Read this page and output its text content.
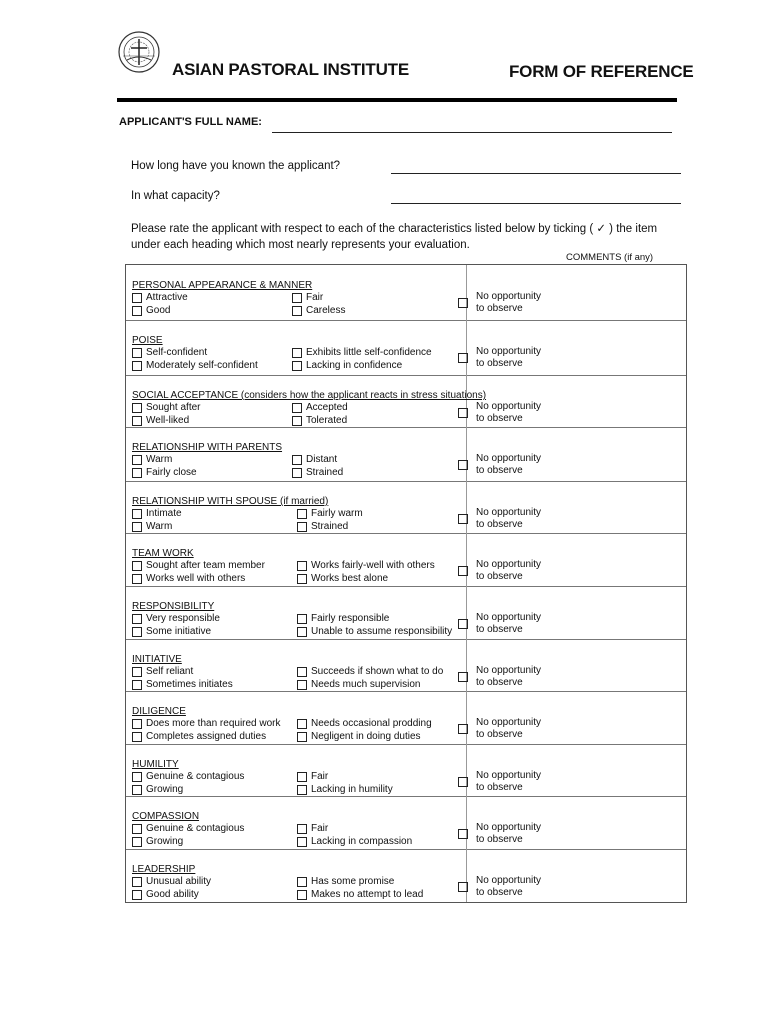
ASIAN PASTORAL INSTITUTE	FORM OF REFERENCE
APPLICANT'S FULL NAME:
How long have you known the applicant?
In what capacity?
Please rate the applicant with respect to each of the characteristics listed below by ticking ( ✓ ) the item under each heading which most nearly represents your evaluation.
COMMENTS (if any)
PERSONAL APPEARANCE & MANNER
Attractive
Good
Fair
Careless
No opportunity
to observe
POISE
Self-confident
Moderately self-confident
Exhibits little self-confidence
Lacking in confidence
No opportunity
to observe
SOCIAL ACCEPTANCE (considers how the applicant reacts in stress situations)
Sought after
Well-liked
Accepted
Tolerated
No opportunity
to observe
RELATIONSHIP WITH PARENTS
Warm
Fairly close
Distant
Strained
No opportunity
to observe
RELATIONSHIP WITH SPOUSE (if married)
Intimate
Warm
Fairly warm
Strained
No opportunity
to observe
TEAM WORK
Sought after team member
Works well with others
Works fairly-well with others
Works best alone
No opportunity
to observe
RESPONSIBILITY
Very responsible
Some initiative
Fairly responsible
Unable to assume responsibility
No opportunity
to observe
INITIATIVE
Self reliant
Sometimes initiates
Succeeds if shown what to do
Needs much supervision
No opportunity
to observe
DILIGENCE
Does more than required work
Completes assigned duties
Needs occasional prodding
Negligent in doing duties
No opportunity
to observe
HUMILITY
Genuine & contagious
Growing
Fair
Lacking in humility
No opportunity
to observe
COMPASSION
Genuine & contagious
Growing
Fair
Lacking in compassion
No opportunity
to observe
LEADERSHIP
Unusual ability
Good ability
Has some promise
Makes no attempt to lead
No opportunity
to observe
